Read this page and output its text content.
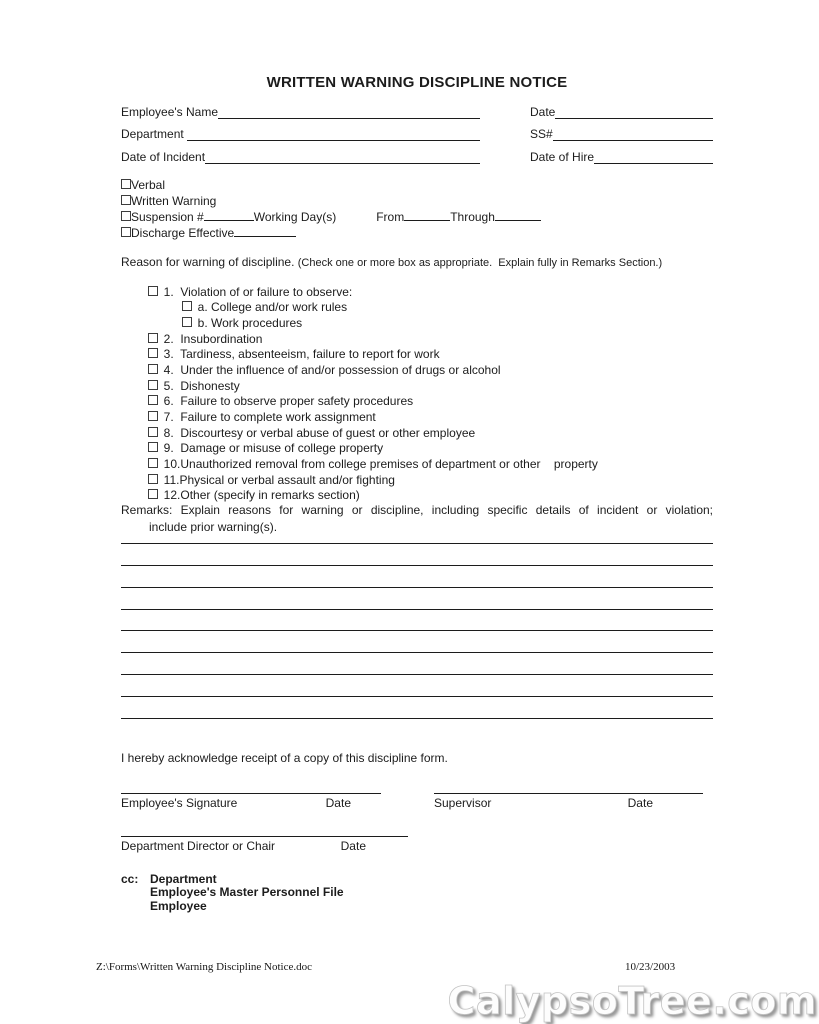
WRITTEN WARNING DISCIPLINE NOTICE
Employee's Name	Date
Department	SS#
Date of Incident	Date of Hire
Verbal
Written Warning
Suspension #	Working Day(s)	From	Through
Discharge Effective
Reason for warning of discipline. (Check one or more box as appropriate.  Explain fully in Remarks Section.)

1.  Violation of or failure to observe:

a. College and/or work rules

b. Work procedures

2.  Insubordination

3.  Tardiness, absenteeism, failure to report for work

4.  Under the influence of and/or possession of drugs or alcohol

5.  Dishonesty

6.  Failure to observe proper safety procedures

7.  Failure to complete work assignment

8.  Discourtesy or verbal abuse of guest or other employee

9.  Damage or misuse of college property

10.Unauthorized removal from college premises of department or other    property

11.Physical or verbal assault and/or fighting

12.Other (specify in remarks section)

Remarks: Explain reasons for warning or discipline, including specific details of incident or violation;
include prior warning(s).
I hereby acknowledge receipt of a copy of this discipline form.
Employee's Signature	Date	Supervisor	Date
Department Director or Chair	Date
cc: Department
Employee's Master Personnel File
Employee
Z:\Forms\Written Warning Discipline Notice.doc	10/23/2003
CalypsoTree.com
